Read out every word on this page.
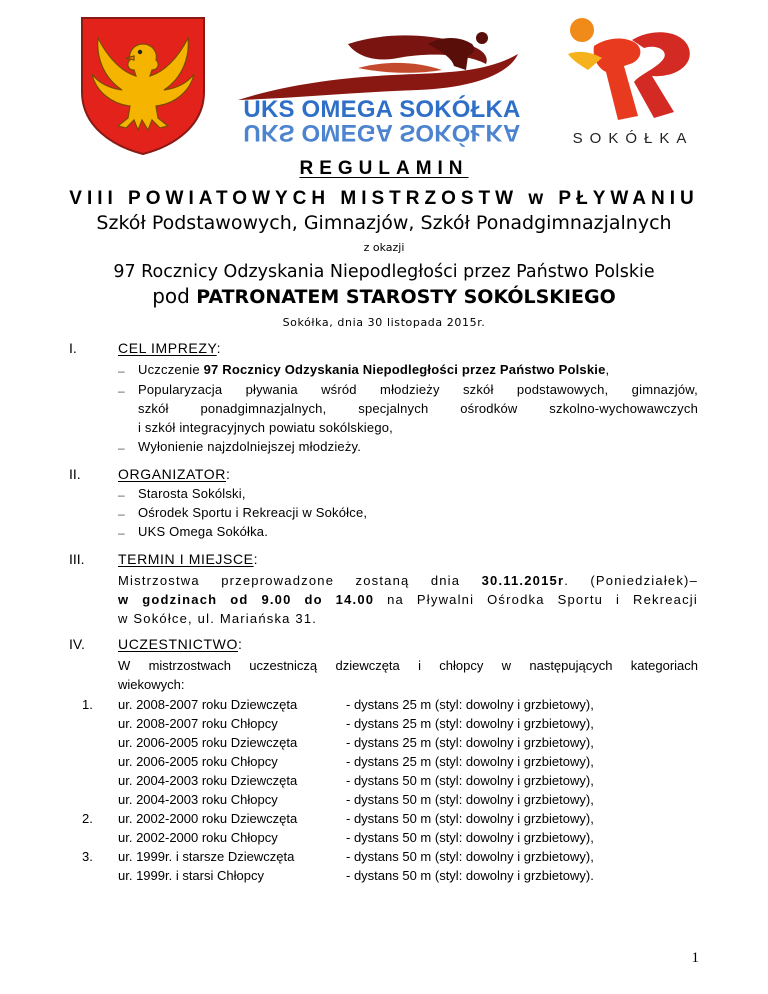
UKS OMEGA SOKÓŁKA
UKS OMEGA SOKÓŁKA	SOKÓŁKA
REGULAMIN
VIII POWIATOWYCH MISTRZOSTW w PŁYWANIU
Szkół Podstawowych, Gimnazjów, Szkół Ponadgimnazjalnych
z okazji
97 Rocznicy Odzyskania Niepodległości przez Państwo Polskie
pod PATRONATEM STAROSTY SOKÓLSKIEGO
Sokółka, dnia 30 listopada 2015r.
I.	CEL IMPREZY:
– Uczczenie 97 Rocznicy Odzyskania Niepodległości przez Państwo Polskie,
– Popularyzacja pływania wśród młodzieży szkół podstawowych, gimnazjów,
szkół ponadgimnazjalnych, specjalnych ośrodków szkolno-wychowawczych
i szkół integracyjnych powiatu sokólskiego,
– Wyłonienie najzdolniejszej młodzieży.
II.	ORGANIZATOR:
– Starosta Sokólski,
– Ośrodek Sportu i Rekreacji w Sokółce,
– UKS Omega Sokółka.
III. TERMIN I MIEJSCE:
Mistrzostwa przeprowadzone zostaną dnia 30.11.2015r. (Poniedziałek)–
w godzinach od 9.00 do 14.00 na Pływalni Ośrodka Sportu i Rekreacji
w Sokółce, ul. Mariańska 31.
IV. UCZESTNICTWO:
W mistrzostwach uczestniczą dziewczęta i chłopcy w następujących kategoriach
wiekowych:
1.
2.
3.
ur. 2008-2007 roku Dziewczęta	- dystans 25 m (styl: dowolny i grzbietowy),
ur. 2008-2007 roku Chłopcy	- dystans 25 m (styl: dowolny i grzbietowy),
ur. 2006-2005 roku Dziewczęta	- dystans 25 m (styl: dowolny i grzbietowy),
ur. 2006-2005 roku Chłopcy	- dystans 25 m (styl: dowolny i grzbietowy),
ur. 2004-2003 roku Dziewczęta	- dystans 50 m (styl: dowolny i grzbietowy),
ur. 2004-2003 roku Chłopcy	- dystans 50 m (styl: dowolny i grzbietowy),
ur. 2002-2000 roku Dziewczęta	- dystans 50 m (styl: dowolny i grzbietowy),
ur. 2002-2000 roku Chłopcy	- dystans 50 m (styl: dowolny i grzbietowy),
ur. 1999r. i starsze Dziewczęta	- dystans 50 m (styl: dowolny i grzbietowy),
ur. 1999r. i starsi Chłopcy	- dystans 50 m (styl: dowolny i grzbietowy).
1
